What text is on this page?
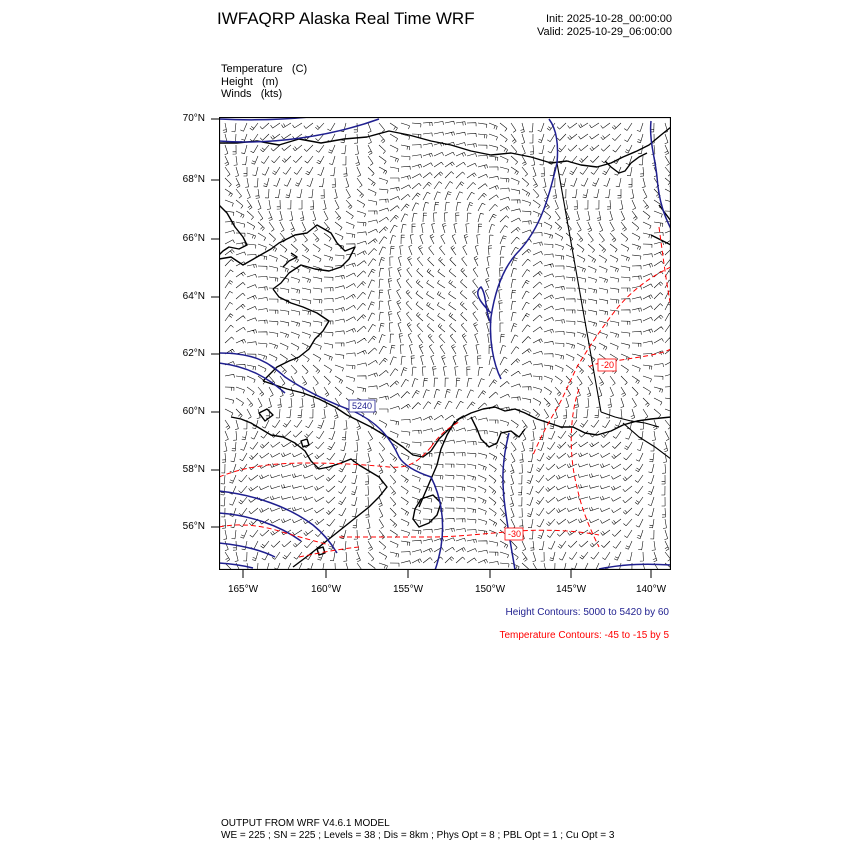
IWFAQRP Alaska Real Time WRF	Init: 2025-10-28_00:00:00
Valid: 2025-10-29_06:00:00
Temperature   (C)
Height   (m)
Winds   (kts)
70°N
68°N
66°N
64°N
62°N
60°N
58°N
56°N
165°W	160°W	155°W	150°W	145°W	140°W
5240
-20
-30
Height Contours: 5000 to 5420 by 60
Temperature Contours: -45 to -15 by 5
OUTPUT FROM WRF V4.6.1 MODEL
WE = 225 ; SN = 225 ; Levels = 38 ; Dis = 8km ; Phys Opt = 8 ; PBL Opt = 1 ; Cu Opt = 3
